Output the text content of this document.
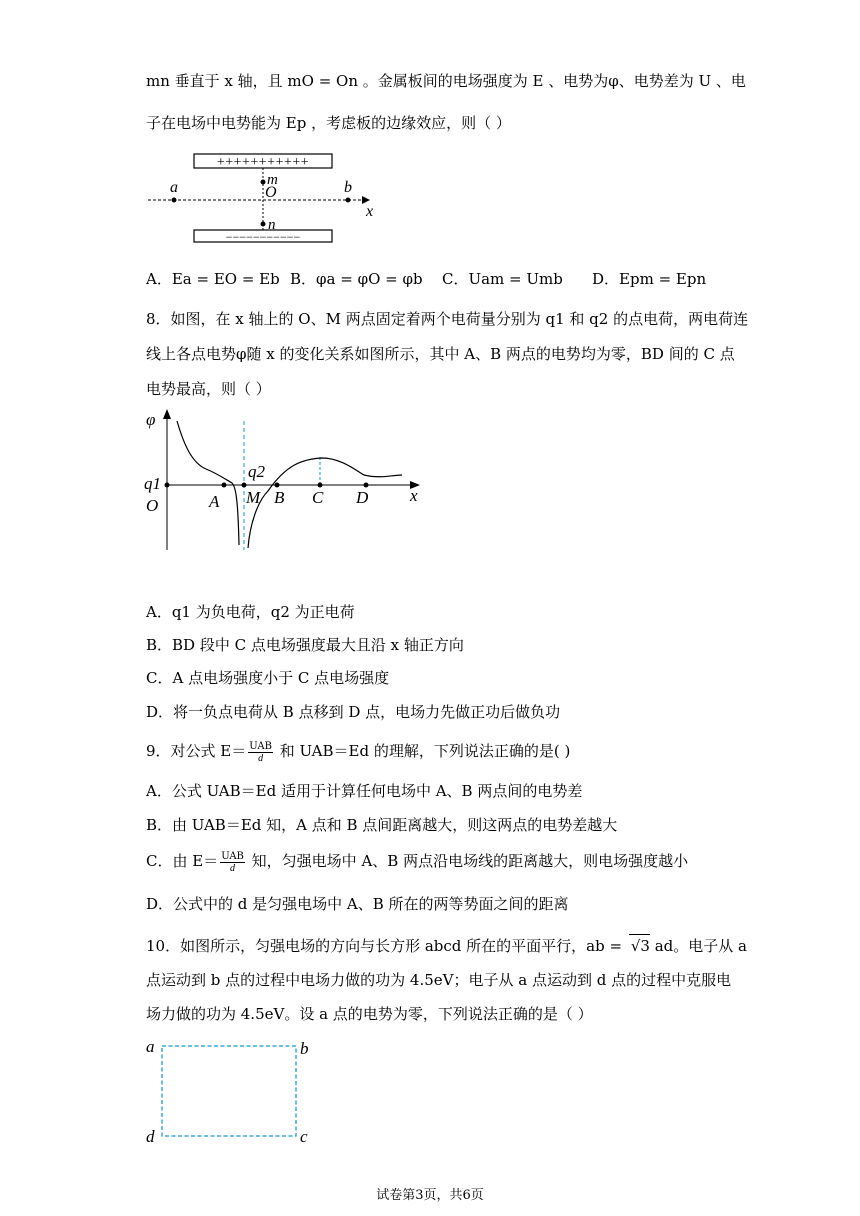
mn 垂直于 x 轴，且 mO = On 。金属板间的电场强度为 E 、电势为φ、电势差为 U 、电
子在电场中电势能为 Ep ，考虑板的边缘效应，则（ ）
+++++++++++
−−−−−−−−−−−
a	m
O	b
x
n
A．Ea = EO = Eb B．φa = φO = φb C．Uam = Umb D．Epm = Epn
8．如图，在 x 轴上的 O、M 两点固定着两个电荷量分别为 q1 和 q2 的点电荷，两电荷连
线上各点电势φ随 x 的变化关系如图所示，其中 A、B 两点的电势均为零，BD 间的 C 点
电势最高，则（ ）
φ
q1
O	A
q2
M B C D x
A．q1 为负电荷，q2 为正电荷
B．BD 段中 C 点电场强度最大且沿 x 轴正方向
C．A 点电场强度小于 C 点电场强度
D．将一负点电荷从 B 点移到 D 点，电场力先做正功后做负功
9．对公式 $E= \frac{\text{UAB}}{d}$ 和 UAB＝Ed 的理解，下列说法正确的是( )
A．公式 UAB＝Ed 适用于计算任何电场中 A、B 两点间的电势差
B．由 UAB＝Ed 知，A 点和 B 点间距离越大，则这两点的电势差越大
C．由 $E= \frac{\text{UAB}}{d}$ 知，匀强电场中 A、B 两点沿电场线的距离越大，则电场强度越小
D．公式中的 d 是匀强电场中 A、B 所在的两等势面之间的距离
10．如图所示，匀强电场的方向与长方形 abcd 所在的平面平行，ab = √3 ad。电子从 a
点运动到 b 点的过程中电场力做的功为 4.5eV；电子从 a 点运动到 d 点的过程中克服电
场力做的功为 4.5eV。设 a 点的电势为零，下列说法正确的是（ ）
a	b
d	c
试卷第3页，共6页
